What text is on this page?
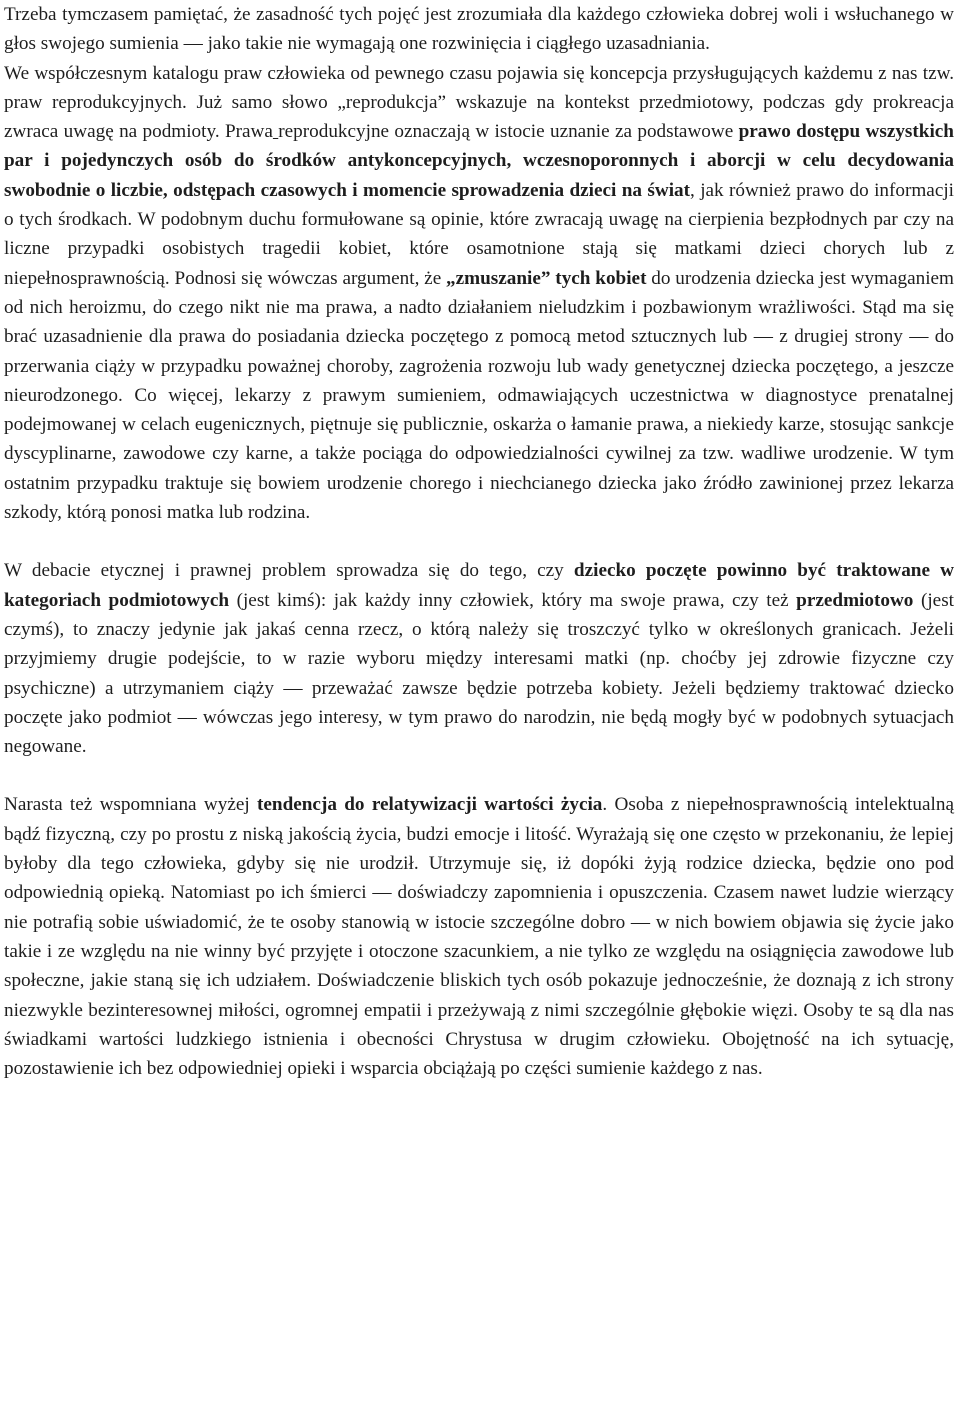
Trzeba tymczasem pamiętać, że zasadność tych pojęć jest zrozumiała dla każdego człowieka dobrej woli i wsłuchanego w głos swojego sumienia — jako takie nie wymagają one rozwinięcia i ciągłego uzasadniania.

We współczesnym katalogu praw człowieka od pewnego czasu pojawia się koncepcja przysługujących każdemu z nas tzw. praw reprodukcyjnych. Już samo słowo „reprodukcja” wskazuje na kontekst przedmiotowy, podczas gdy prokreacja zwraca uwagę na podmioty. Prawa reprodukcyjne oznaczają w istocie uznanie za podstawowe prawo dostępu wszystkich par i pojedynczych osób do środków antykoncepcyjnych, wczesnoporonnych i aborcji w celu decydowania swobodnie o liczbie, odstępach czasowych i momencie sprowadzenia dzieci na świat, jak również prawo do informacji o tych środkach. W podobnym duchu formułowane są opinie, które zwracają uwagę na cierpienia bezpłodnych par czy na liczne przypadki osobistych tragedii kobiet, które osamotnione stają się matkami dzieci chorych lub z niepełnosprawnością. Podnosi się wówczas argument, że „zmuszanie” tych kobiet do urodzenia dziecka jest wymaganiem od nich heroizmu, do czego nikt nie ma prawa, a nadto działaniem nieludzkim i pozbawionym wrażliwości. Stąd ma się brać uzasadnienie dla prawa do posiadania dziecka poczętego z pomocą metod sztucznych lub — z drugiej strony — do przerwania ciąży w przypadku poważnej choroby, zagrożenia rozwoju lub wady genetycznej dziecka poczętego, a jeszcze nieurodzonego. Co więcej, lekarzy z prawym sumieniem, odmawiających uczestnictwa w diagnostyce prenatalnej podejmowanej w celach eugenicznych, piętnuje się publicznie, oskarża o łamanie prawa, a niekiedy karze, stosując sankcje dyscyplinarne, zawodowe czy karne, a także pociąga do odpowiedzialności cywilnej za tzw. wadliwe urodzenie. W tym ostatnim przypadku traktuje się bowiem urodzenie chorego i niechcianego dziecka jako źródło zawinionej przez lekarza szkody, którą ponosi matka lub rodzina.

W debacie etycznej i prawnej problem sprowadza się do tego, czy dziecko poczęte powinno być traktowane w kategoriach podmiotowych (jest kimś): jak każdy inny człowiek, który ma swoje prawa, czy też przedmiotowo (jest czymś), to znaczy jedynie jak jakaś cenna rzecz, o którą należy się troszczyć tylko w określonych granicach. Jeżeli przyjmiemy drugie podejście, to w razie wyboru między interesami matki (np. choćby jej zdrowie fizyczne czy psychiczne) a utrzymaniem ciąży — przeważać zawsze będzie potrzeba kobiety. Jeżeli będziemy traktować dziecko poczęte jako podmiot — wówczas jego interesy, w tym prawo do narodzin, nie będą mogły być w podobnych sytuacjach negowane.

Narasta też wspomniana wyżej tendencja do relatywizacji wartości życia. Osoba z niepełnosprawnością intelektualną bądź fizyczną, czy po prostu z niską jakością życia, budzi emocje i litość. Wyrażają się one często w przekonaniu, że lepiej byłoby dla tego człowieka, gdyby się nie urodził. Utrzymuje się, iż dopóki żyją rodzice dziecka, będzie ono pod odpowiednią opieką. Natomiast po ich śmierci — doświadczy zapomnienia i opuszczenia. Czasem nawet ludzie wierzący nie potrafią sobie uświadomić, że te osoby stanowią w istocie szczególne dobro — w nich bowiem objawia się życie jako takie i ze względu na nie winny być przyjęte i otoczone szacunkiem, a nie tylko ze względu na osiągnięcia zawodowe lub społeczne, jakie staną się ich udziałem. Doświadczenie bliskich tych osób pokazuje jednocześnie, że doznają z ich strony niezwykle bezinteresownej miłości, ogromnej empatii i przeżywają z nimi szczególnie głębokie więzi. Osoby te są dla nas świadkami wartości ludzkiego istnienia i obecności Chrystusa w drugim człowieku. Obojętność na ich sytuację, pozostawienie ich bez odpowiedniej opieki i wsparcia obciążają po części sumienie każdego z nas.
